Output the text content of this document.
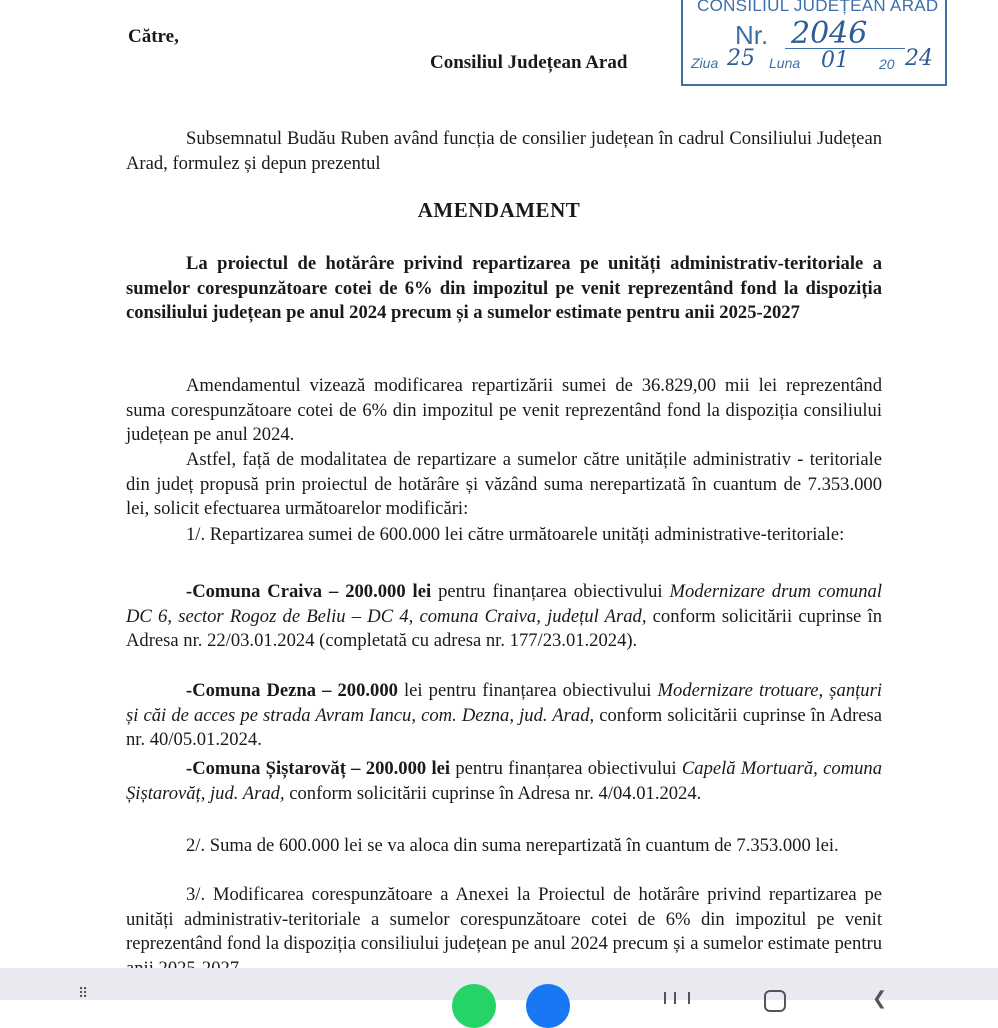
CONSILIUL JUDEȚEAN ARAD
Nr. 2046
Ziua 25 Luna 01 20 24
Către,
Consiliul Județean Arad
Subsemnatul Budău Ruben având funcția de consilier județean în cadrul Consiliului Județean Arad, formulez și depun prezentul
AMENDAMENT
La proiectul de hotărâre privind repartizarea pe unități administrativ-teritoriale a sumelor corespunzătoare cotei de 6% din impozitul pe venit reprezentând fond la dispoziția consiliului județean pe anul 2024 precum și a sumelor estimate pentru anii 2025-2027
Amendamentul vizează modificarea repartizării sumei de 36.829,00 mii lei reprezentând suma corespunzătoare cotei de 6% din impozitul pe venit reprezentând fond la dispoziția consiliului județean pe anul 2024.
Astfel, față de modalitatea de repartizare a sumelor către unitățile administrativ - teritoriale din județ propusă prin proiectul de hotărâre și văzând suma nerepartizată în cuantum de 7.353.000 lei, solicit efectuarea următoarelor modificări:
1/. Repartizarea sumei de 600.000 lei către următoarele unități administrative-teritoriale:
-Comuna Craiva – 200.000 lei pentru finanțarea obiectivului Modernizare drum comunal DC 6, sector Rogoz de Beliu – DC 4, comuna Craiva, județul Arad, conform solicitării cuprinse în Adresa nr. 22/03.01.2024 (completată cu adresa nr. 177/23.01.2024).
-Comuna Dezna – 200.000 lei pentru finanțarea obiectivului Modernizare trotuare, șanțuri și căi de acces pe strada Avram Iancu, com. Dezna, jud. Arad, conform solicitării cuprinse în Adresa nr. 40/05.01.2024.
-Comuna Șiștarovăț – 200.000 lei pentru finanțarea obiectivului Capelă Mortuară, comuna Șiștarovăț, jud. Arad, conform solicitării cuprinse în Adresa nr. 4/04.01.2024.
2/. Suma de 600.000 lei se va aloca din suma nerepartizată în cuantum de 7.353.000 lei.
3/. Modificarea corespunzătoare a Anexei la Proiectul de hotărâre privind repartizarea pe unități administrativ-teritoriale a sumelor corespunzătoare cotei de 6% din impozitul pe venit reprezentând fond la dispoziția consiliului județean pe anul 2024 precum și a sumelor estimate pentru
⠿	❮
